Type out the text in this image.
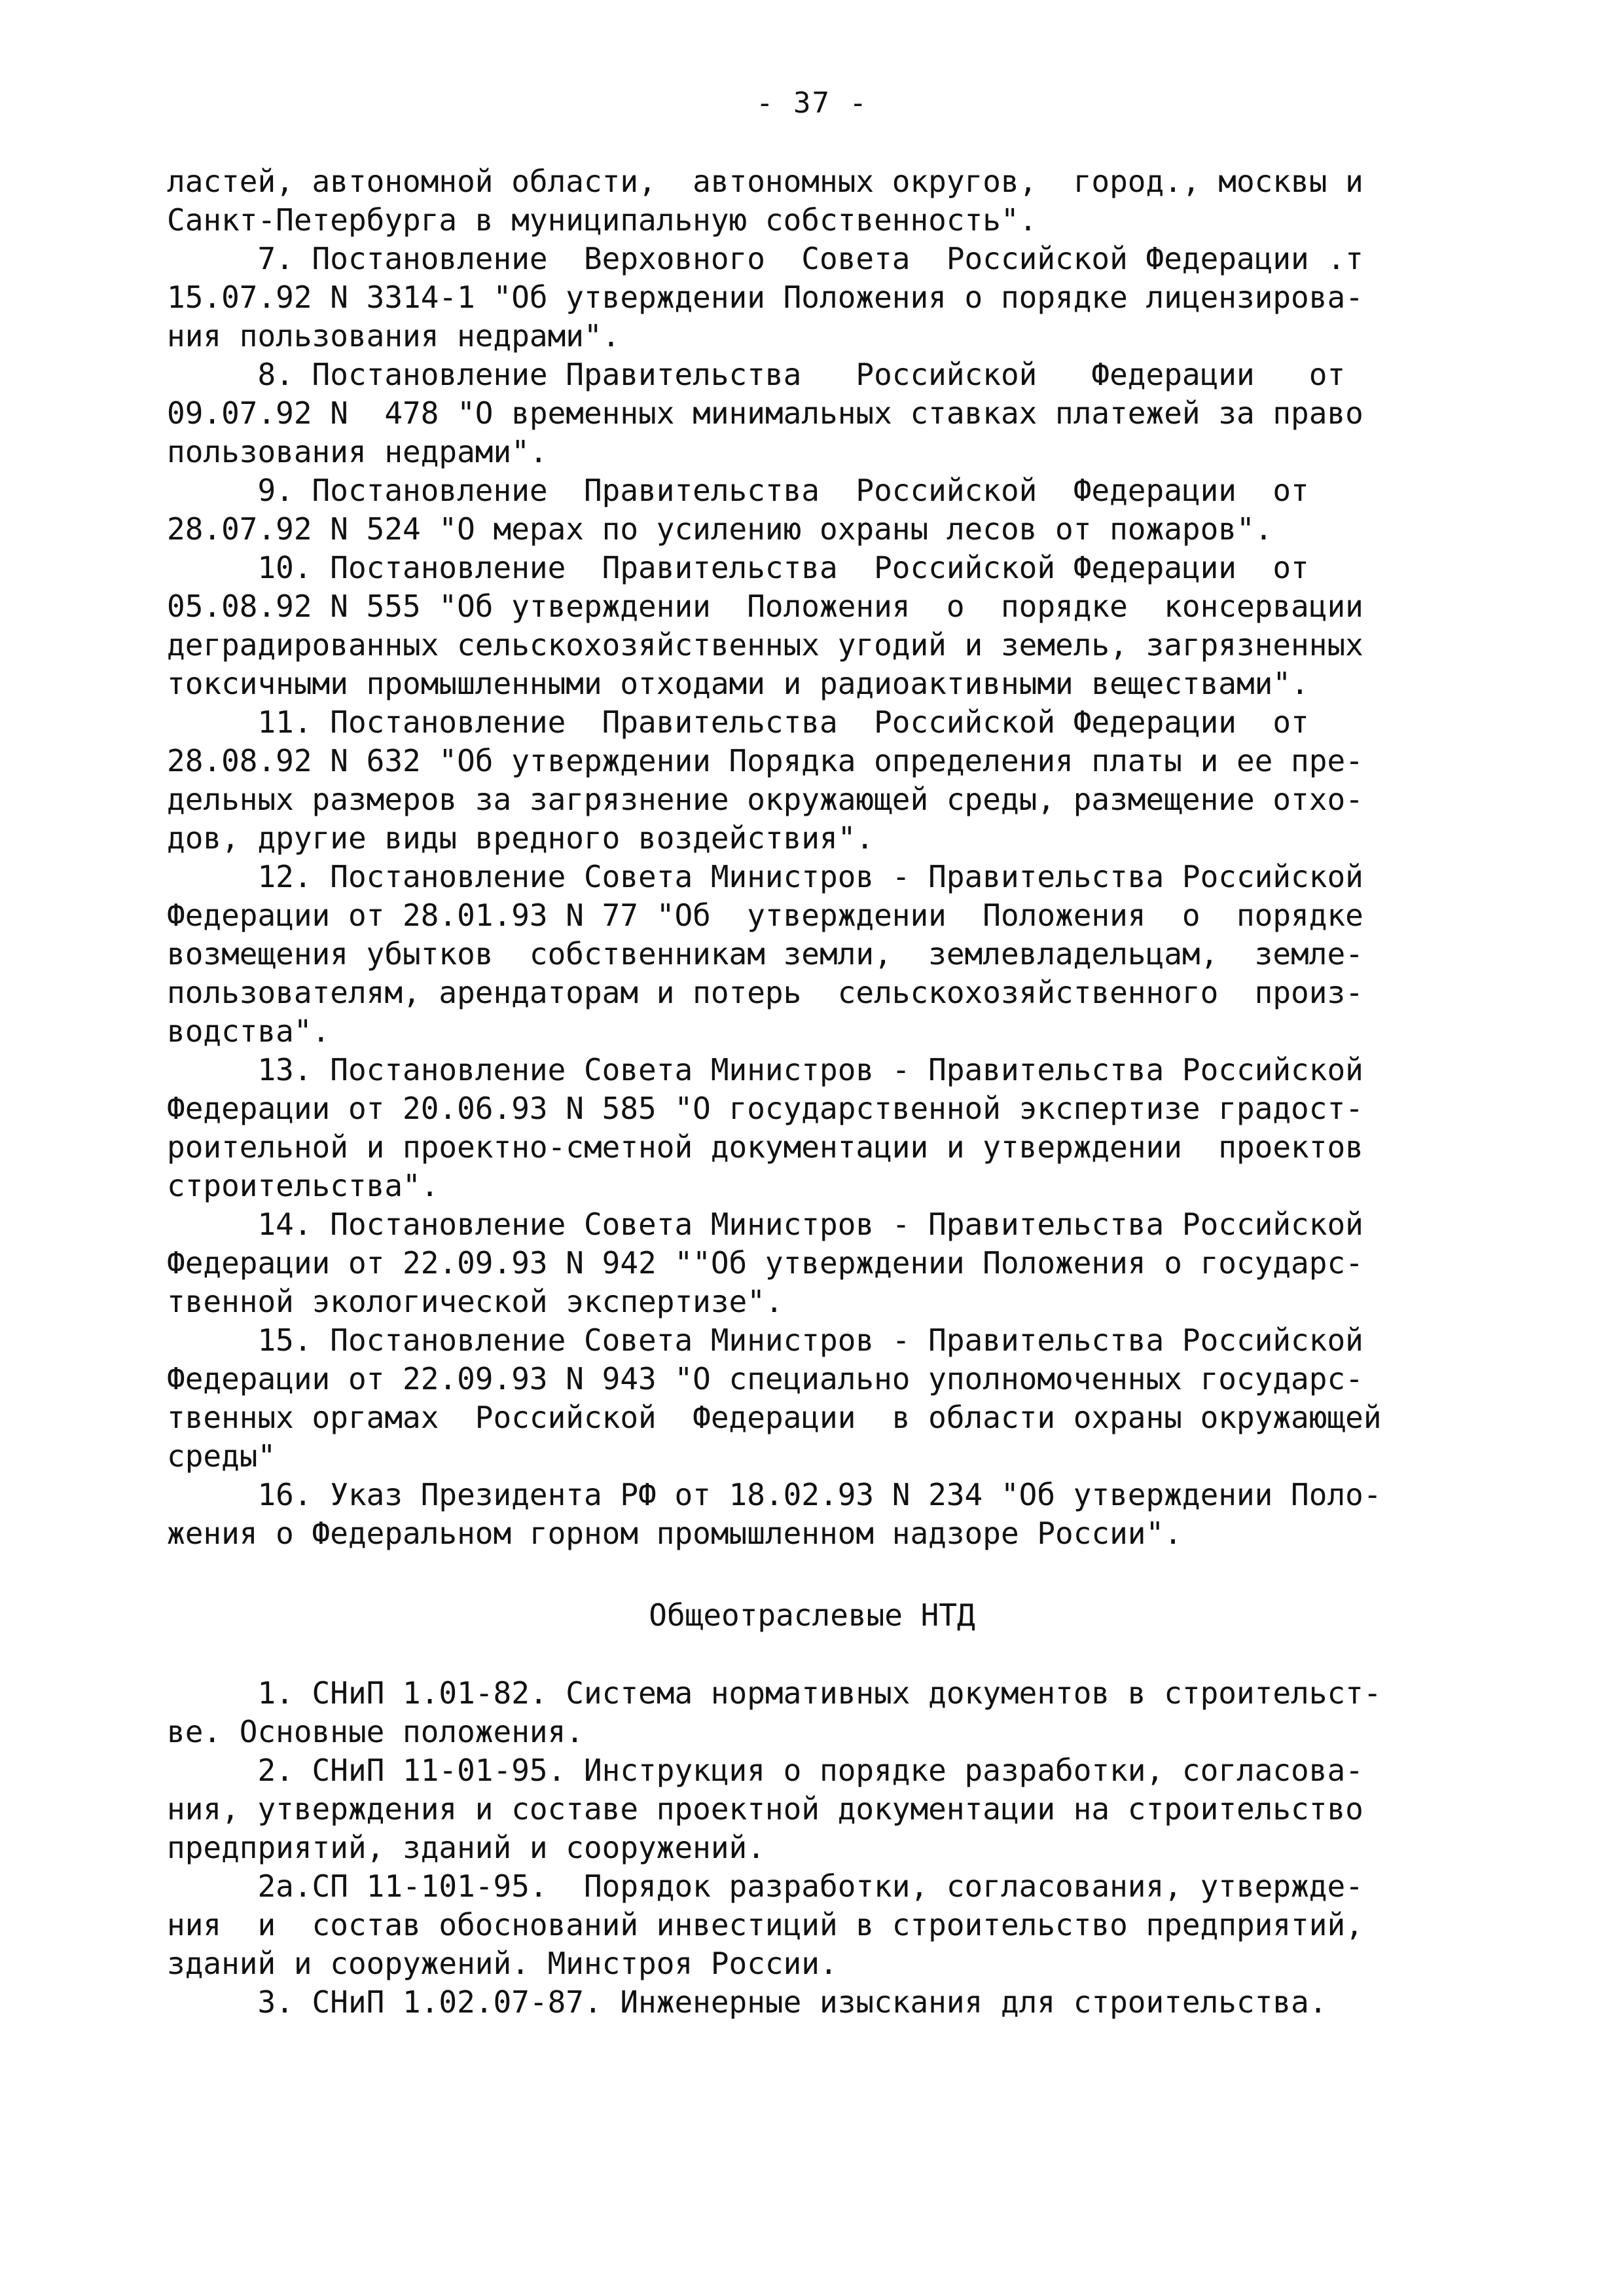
- 37 -
ластей, автономной области,  автономных округов,  город., москвы и
Санкт-Петербурга в муниципальную собственность".
7. Постановление  Верховного  Совета  Российской Федерации .т
15.07.92 N 3314-1 "Об утверждении Положения о порядке лицензирова-
ния пользования недрами".
8. Постановление Правительства   Российской   Федерации   от
09.07.92 N  478 "О временных минимальных ставках платежей за право
пользования недрами".
9. Постановление  Правительства  Российской  Федерации  от
28.07.92 N 524 "О мерах по усилению охраны лесов от пожаров".
10. Постановление  Правительства  Российской Федерации  от
05.08.92 N 555 "Об утверждении  Положения  о  порядке  консервации
деградированных сельскохозяйственных угодий и земель, загрязненных
токсичными промышленными отходами и радиоактивными веществами".
11. Постановление  Правительства  Российской Федерации  от
28.08.92 N 632 "Об утверждении Порядка определения платы и ее пре-
дельных размеров за загрязнение окружающей среды, размещение отхо-
дов, другие виды вредного воздействия".
12. Постановление Совета Министров - Правительства Российской
Федерации от 28.01.93 N 77 "Об  утверждении  Положения  о  порядке
возмещения убытков  собственникам земли,  землевладельцам,  земле-
пользователям, арендаторам и потерь  сельскохозяйственного  произ-
водства".
13. Постановление Совета Министров - Правительства Российской
Федерации от 20.06.93 N 585 "О государственной экспертизе градост-
роительной и проектно-сметной документации и утверждении  проектов
строительства".
14. Постановление Совета Министров - Правительства Российской
Федерации от 22.09.93 N 942 ""Об утверждении Положения о государс-
твенной экологической экспертизе".
15. Постановление Совета Министров - Правительства Российской
Федерации от 22.09.93 N 943 "О специально уполномоченных государс-
твенных оргамах  Российской  Федерации  в области охраны окружающей
среды"
16. Указ Президента РФ от 18.02.93 N 234 "Об утверждении Поло-
жения о Федеральном горном промышленном надзоре России".
Общеотраслевые НТД
1. СНиП 1.01-82. Система нормативных документов в строительст-
ве. Основные положения.
2. СНиП 11-01-95. Инструкция о порядке разработки, согласова-
ния, утверждения и составе проектной документации на строительство
предприятий, зданий и сооружений.
2а.СП 11-101-95.  Порядок разработки, согласования, утвержде-
ния  и  состав обоснований инвестиций в строительство предприятий,
зданий и сооружений. Минстроя России.
3. СНиП 1.02.07-87. Инженерные изыскания для строительства.
